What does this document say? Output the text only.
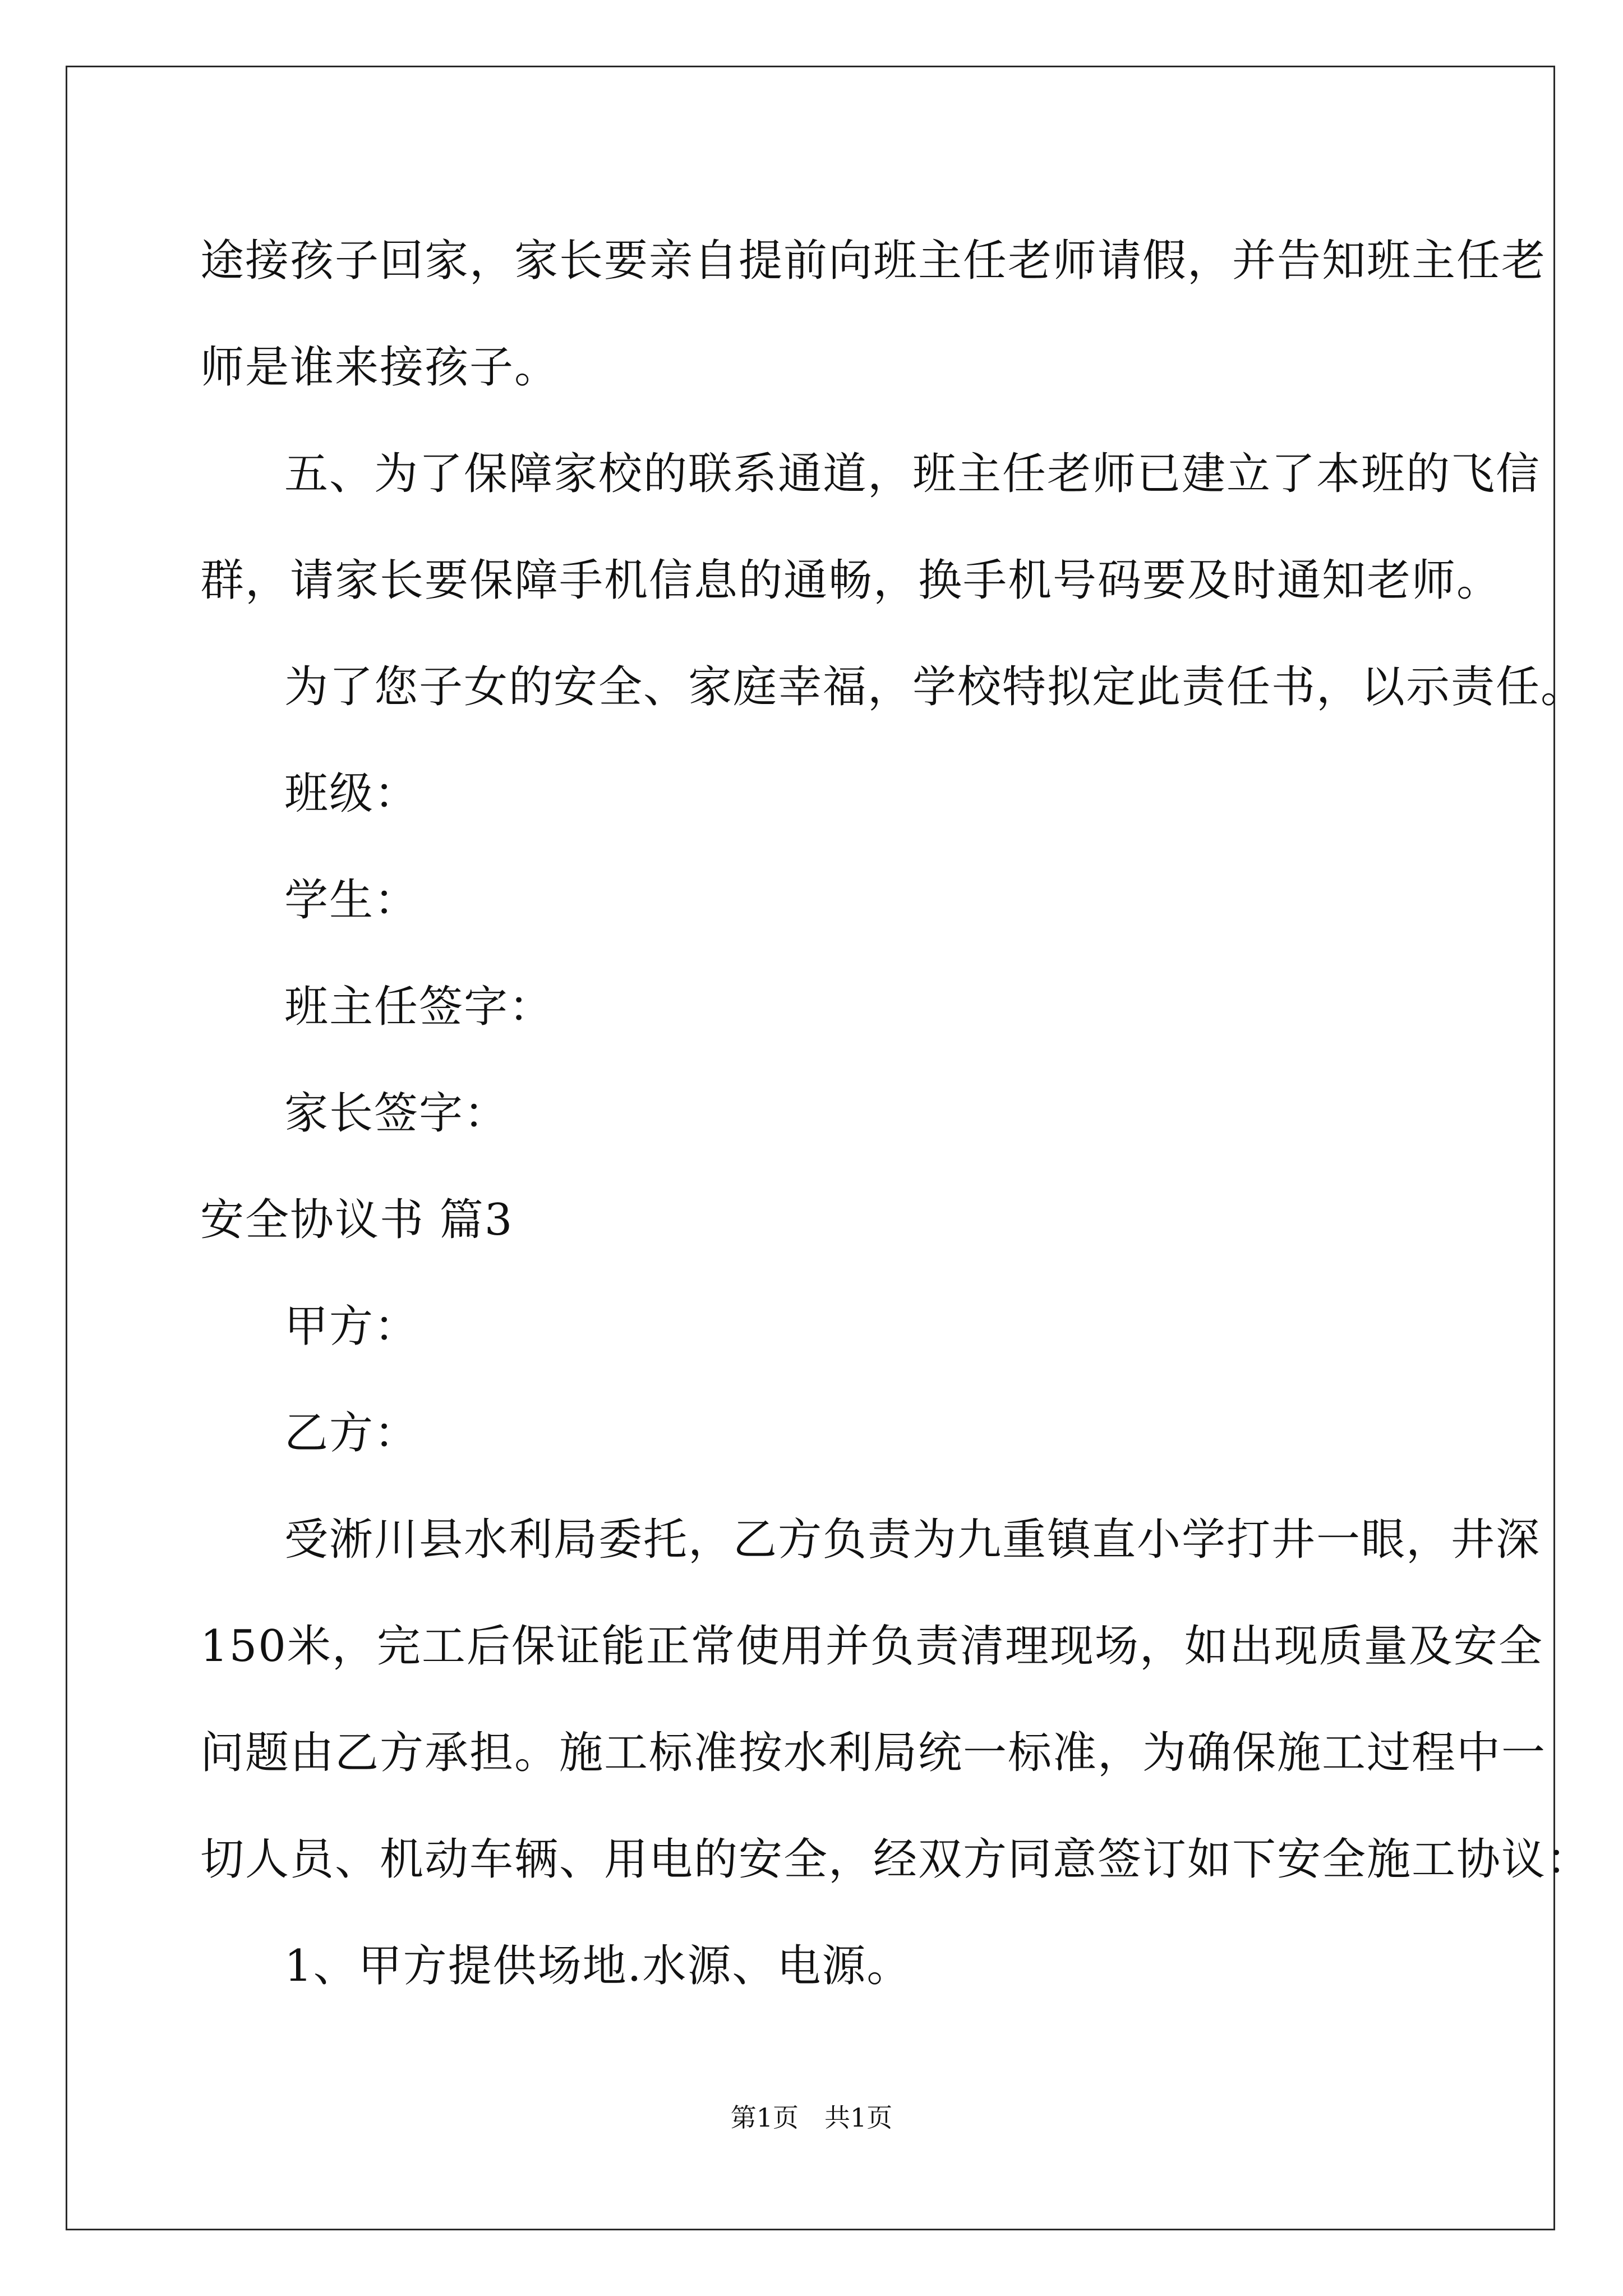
途接孩子回家，家长要亲自提前向班主任老师请假，并告知班主任老
师是谁来接孩子。
五、为了保障家校的联系通道，班主任老师已建立了本班的飞信
群，请家长要保障手机信息的通畅，换手机号码要及时通知老师。
为了您子女的安全、家庭幸福，学校特拟定此责任书，以示责任。
班级：
学生：
班主任签字：
家长签字：
安全协议书 篇3
甲方：
乙方：
受淅川县水利局委托，乙方负责为九重镇直小学打井一眼，井深
150米，完工后保证能正常使用并负责清理现场，如出现质量及安全
问题由乙方承担。施工标准按水利局统一标准，为确保施工过程中一
切人员、机动车辆、用电的安全，经双方同意签订如下安全施工协议：
1、甲方提供场地.水源、电源。
第1页　共1页
